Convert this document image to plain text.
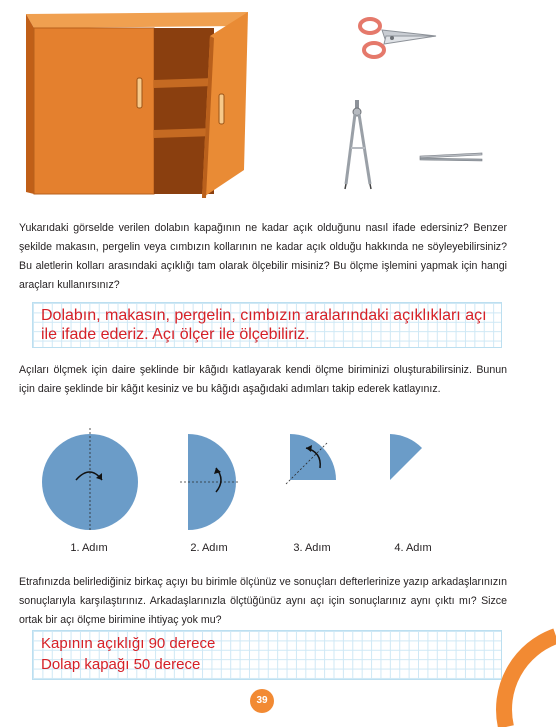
Yukarıdaki görselde verilen dolabın kapağının ne kadar açık olduğunu nasıl ifade edersiniz? Benzer şekilde makasın, pergelin veya cımbızın kollarının ne kadar açık olduğu hakkında ne söyleyebilirsiniz? Bu aletlerin kolları arasındaki açıklığı tam olarak ölçebilir misiniz? Bu ölçme işlemini yapmak için hangi araçları kullanırsınız?

Dolabın, makasın, pergelin, cımbızın aralarındaki açıklıkları açı

ile ifade ederiz. Açı ölçer ile ölçebiliriz.

Açıları ölçmek için daire şeklinde bir kâğıdı katlayarak kendi ölçme biriminizi oluşturabilirsiniz. Bunun için daire şeklinde bir kâğıt kesiniz ve bu kâğıdı aşağıdaki adımları takip ederek katlayınız.

1. Adım	2. Adım	3. Adım	4. Adım

Etrafınızda belirlediğiniz birkaç açıyı bu birimle ölçünüz ve sonuçları defterlerinize yazıp arkadaşlarınızın sonuçlarıyla karşılaştırınız. Arkadaşlarınızla ölçtüğünüz aynı açı için sonuçlarınız aynı çıktı mı? Sizce ortak bir açı ölçme birimine ihtiyaç yok mu?

Kapının açıklığı 90 derece

Dolap kapağı 50 derece

39
